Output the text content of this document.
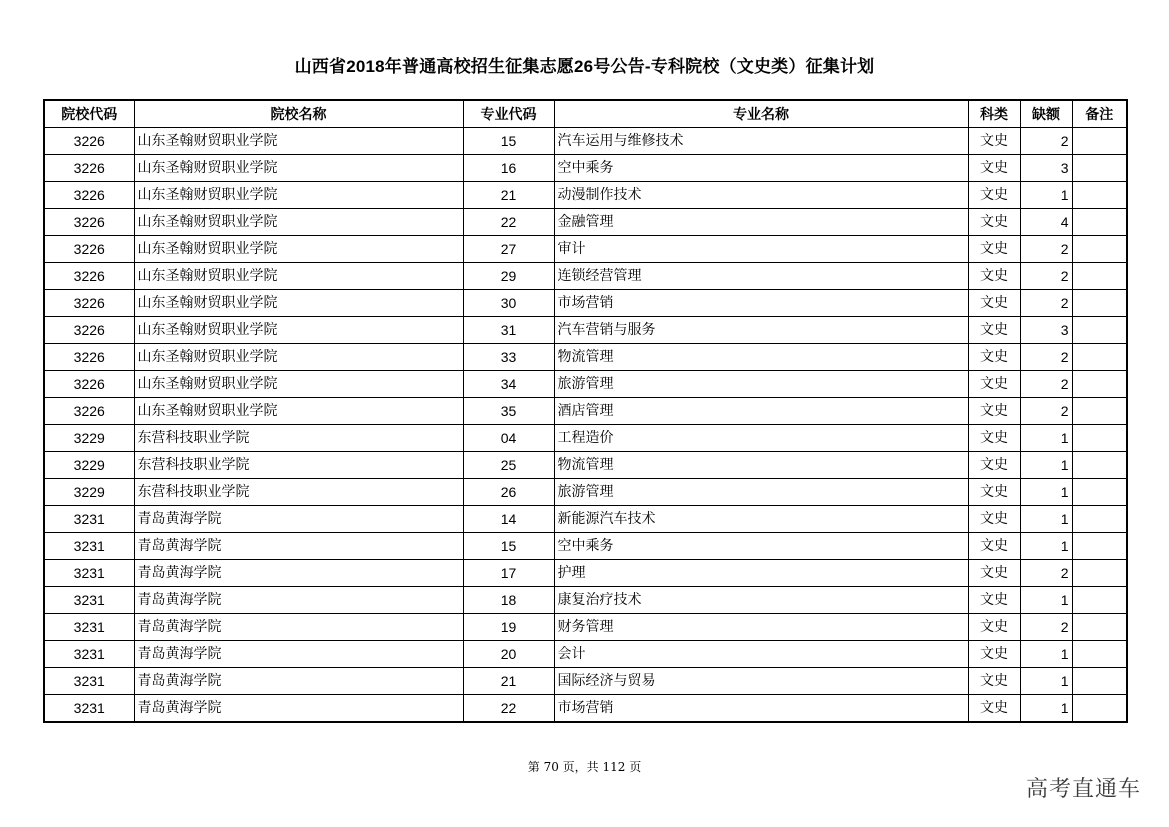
山西省2018年普通高校招生征集志愿26号公告-专科院校（文史类）征集计划
院校代码	院校名称	专业代码	专业名称	科类	缺额	备注
3226	山东圣翰财贸职业学院	15	汽车运用与维修技术	文史	2	
3226	山东圣翰财贸职业学院	16	空中乘务	文史	3	
3226	山东圣翰财贸职业学院	21	动漫制作技术	文史	1	
3226	山东圣翰财贸职业学院	22	金融管理	文史	4	
3226	山东圣翰财贸职业学院	27	审计	文史	2	
3226	山东圣翰财贸职业学院	29	连锁经营管理	文史	2	
3226	山东圣翰财贸职业学院	30	市场营销	文史	2	
3226	山东圣翰财贸职业学院	31	汽车营销与服务	文史	3	
3226	山东圣翰财贸职业学院	33	物流管理	文史	2	
3226	山东圣翰财贸职业学院	34	旅游管理	文史	2	
3226	山东圣翰财贸职业学院	35	酒店管理	文史	2	
3229	东营科技职业学院	04	工程造价	文史	1	
3229	东营科技职业学院	25	物流管理	文史	1	
3229	东营科技职业学院	26	旅游管理	文史	1	
3231	青岛黄海学院	14	新能源汽车技术	文史	1	
3231	青岛黄海学院	15	空中乘务	文史	1	
3231	青岛黄海学院	17	护理	文史	2	
3231	青岛黄海学院	18	康复治疗技术	文史	1	
3231	青岛黄海学院	19	财务管理	文史	2	
3231	青岛黄海学院	20	会计	文史	1	
3231	青岛黄海学院	21	国际经济与贸易	文史	1	
3231	青岛黄海学院	22	市场营销	文史	1	
第 70 页，共 112 页
高考直通车
